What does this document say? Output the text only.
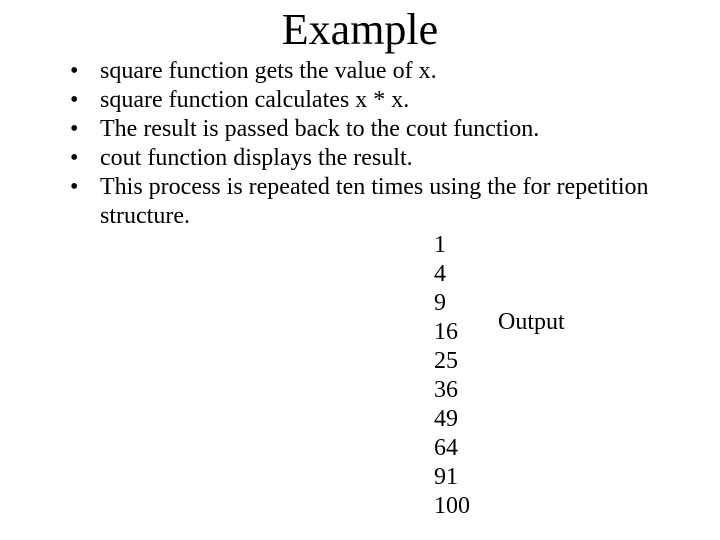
Example
• square function gets the value of x.
• square function calculates x * x.
• The result is passed back to the cout function.
• cout function displays the result.
• This process is repeated ten times using the for repetition structure.
1
4
9
16
25
36
49
64
91
100
Output
